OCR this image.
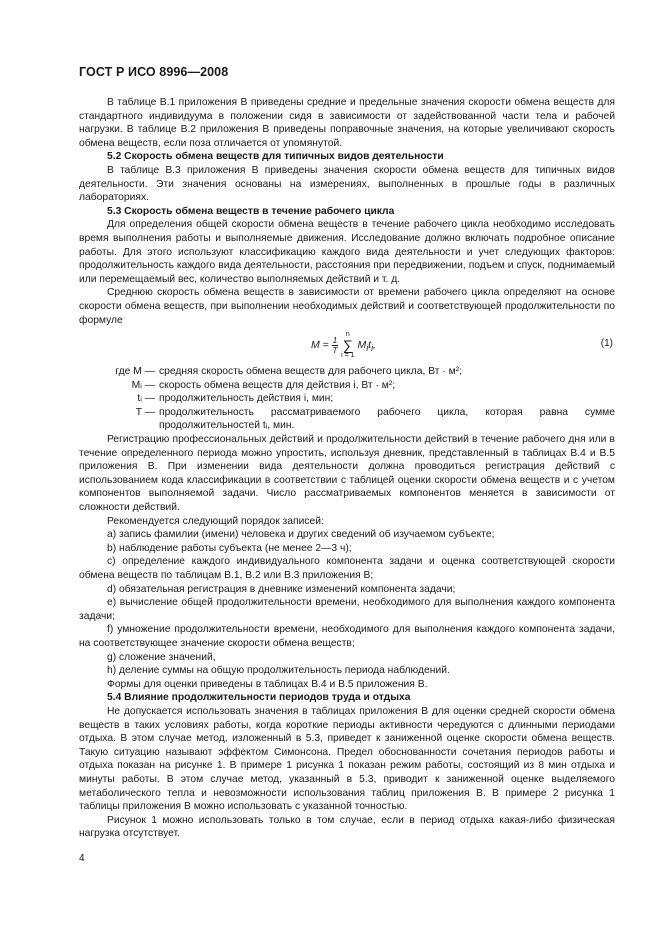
ГОСТ Р ИСО 8996—2008

В таблице В.1 приложения В приведены средние и предельные значения скорости обмена веществ для стандартного индивидуума в положении сидя в зависимости от задействованной части тела и рабочей нагрузки. В таблице В.2 приложения В приведены поправочные значения, на которые увеличивают скорость обмена веществ, если поза отличается от упомянутой.

5.2 Скорость обмена веществ для типичных видов деятельности

В таблице В.3 приложения В приведены значения скорости обмена веществ для типичных видов деятельности. Эти значения основаны на измерениях, выполненных в прошлые годы в различных лабораториях.

5.3 Скорость обмена веществ в течение рабочего цикла

Для определения общей скорости обмена веществ в течение рабочего цикла необходимо исследовать время выполнения работы и выполняемые движения. Исследование должно включать подробное описание работы. Для этого используют классификацию каждого вида деятельности и учет следующих факторов: продолжительность каждого вида деятельности, расстояния при передвижении, подъем и спуск, поднимаемый или перемещаемый вес, количество выполняемых действий и т. д.

Среднюю скорость обмена веществ в зависимости от времени рабочего цикла определяют на основе скорости обмена веществ, при выполнении необходимых действий и соответствующей продолжительности по формуле

$M = \frac{1}{T}$

n
∑
i = 1
$M_it_i$,	(1)
где M — средняя скорость обмена веществ для рабочего цикла, Вт · м²;
Mᵢ — скорость обмена веществ для действия i, Вт · м²;
tᵢ — продолжительность действия i, мин;
T — продолжительность рассматриваемого рабочего цикла, которая равна сумме продолжительностей tᵢ, мин.

Регистрацию профессиональных действий и продолжительности действий в течение рабочего дня или в течение определенного периода можно упростить, используя дневник, представленный в таблицах В.4 и В.5 приложения В. При изменении вида деятельности должна проводиться регистрация действий с использованием кода классификации в соответствии с таблицей оценки скорости обмена веществ и с учетом компонентов выполняемой задачи. Число рассматриваемых компонентов меняется в зависимости от сложности действий.

Рекомендуется следующий порядок записей:

a) запись фамилии (имени) человека и других сведений об изучаемом субъекте;

b) наблюдение работы субъекта (не менее 2—3 ч);

c) определение каждого индивидуального компонента задачи и оценка соответствующей скорости обмена веществ по таблицам В.1, В.2 или В.3 приложения В;

d) обязательная регистрация в дневнике изменений компонента задачи;

e) вычисление общей продолжительности времени, необходимого для выполнения каждого компонента задачи;

f) умножение продолжительности времени, необходимого для выполнения каждого компонента задачи, на соответствующее значение скорости обмена веществ;

g) сложение значений,

h) деление суммы на общую продолжительность периода наблюдений.

Формы для оценки приведены в таблицах В.4 и В.5 приложения В.

5.4 Влияние продолжительности периодов труда и отдыха

Не допускается использовать значения в таблицах приложения В для оценки средней скорости обмена веществ в таких условиях работы, когда короткие периоды активности чередуются с длинными периодами отдыха. В этом случае метод, изложенный в 5.3, приведет к заниженной оценке скорости обмена веществ. Такую ситуацию называют эффектом Симонсона. Предел обоснованности сочетания периодов работы и отдыха показан на рисунке 1. В примере 1 рисунка 1 показан режим работы, состоящий из 8 мин отдыха и минуты работы. В этом случае метод, указанный в 5.3, приводит к заниженной оценке выделяемого метаболического тепла и невозможности использования таблиц приложения В. В примере 2 рисунка 1 таблицы приложения В можно использовать с указанной точностью.

Рисунок 1 можно использовать только в том случае, если в период отдыха какая-либо физическая нагрузка отсутствует.

4
